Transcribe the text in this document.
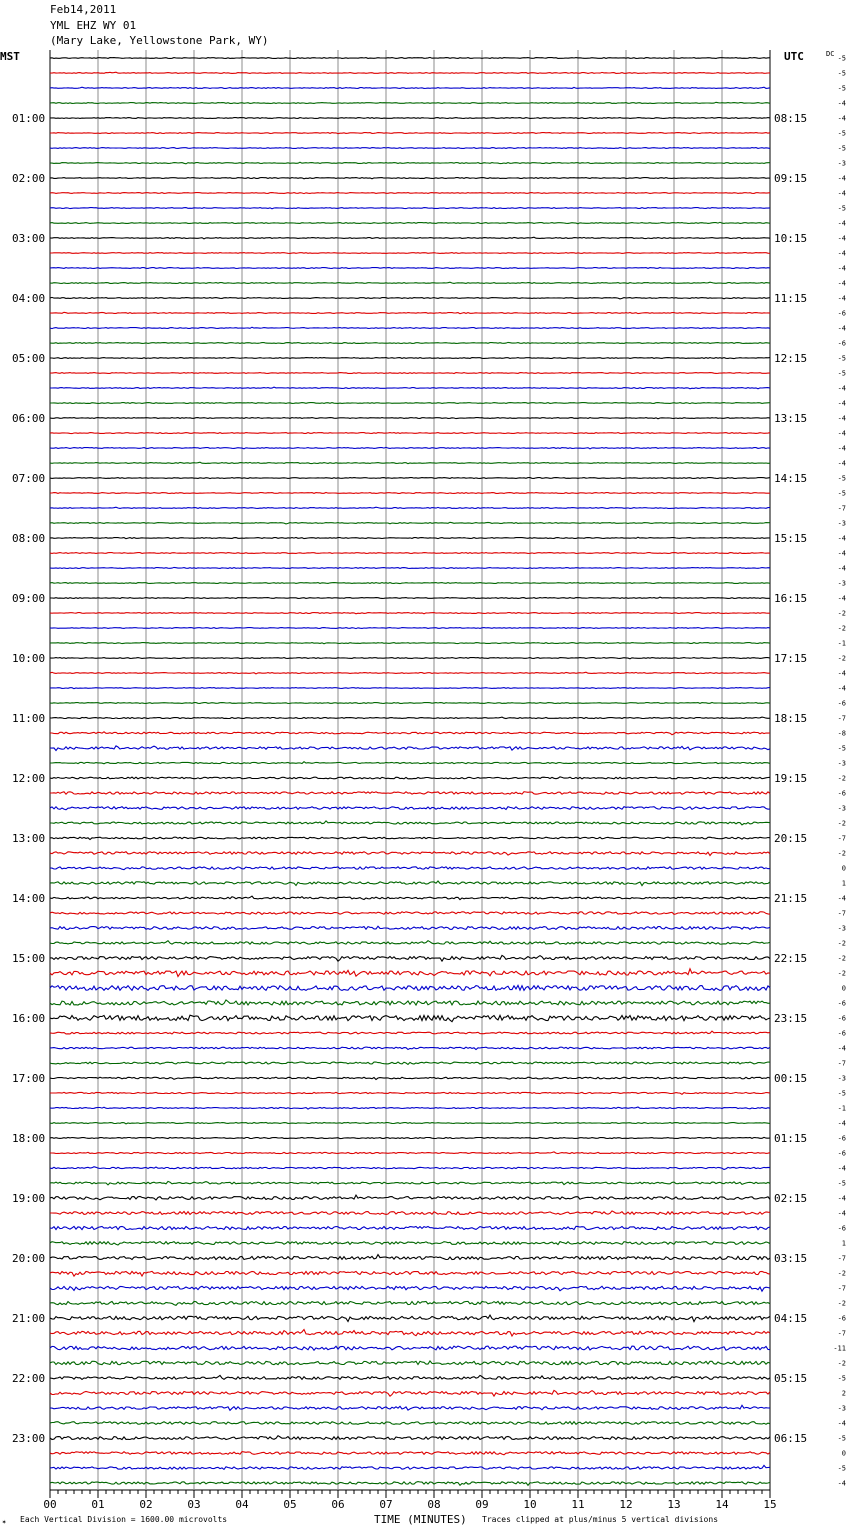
Feb14,2011
YML EHZ WY 01
(Mary Lake, Yellowstone Park, WY)
MST	UTC	DC
-5
-5
-5
-4
-4
-5
-5
-3
-4
-4
-5
-4
-4
-4
-4
-4
-4
-6
-4
-6
-5
-5
-4
-4
-4
-4
-4
-4
-5
-5
-7
-3
-4
-4
-4
-3
-4
-2
-2
-1
-2
-4
-4
-6
-7
-8
-5
-3
-2
-6
-3
-2
-7
-2
0
1
-4
-7
-3
-2
-2
-2
0
-6
-6
-6
-4
-7
-3
-5
-1
-4
-6
-6
-4
-5
-4
-4
-6
1
-7
-2
-7
-2
-6
-7
-11
-2
-5
2
-3
-4
-5
0
-5
-4
01:00	08:15
02:00	09:15
03:00	10:15
04:00	11:15
05:00	12:15
06:00	13:15
07:00	14:15
08:00	15:15
09:00	16:15
10:00	17:15
11:00	18:15
12:00	19:15
13:00	20:15
14:00	21:15
15:00	22:15
16:00	23:15
17:00	00:15
18:00	01:15
19:00	02:15
20:00	03:15
21:00	04:15
22:00	05:15
23:00	06:15
00	01	02	03	04	05	06	07	08	09	10	11	12	13	14	15
✶ Each Vertical Division = 1600.00 microvolts	TIME (MINUTES) Traces clipped at plus/minus 5 vertical divisions
